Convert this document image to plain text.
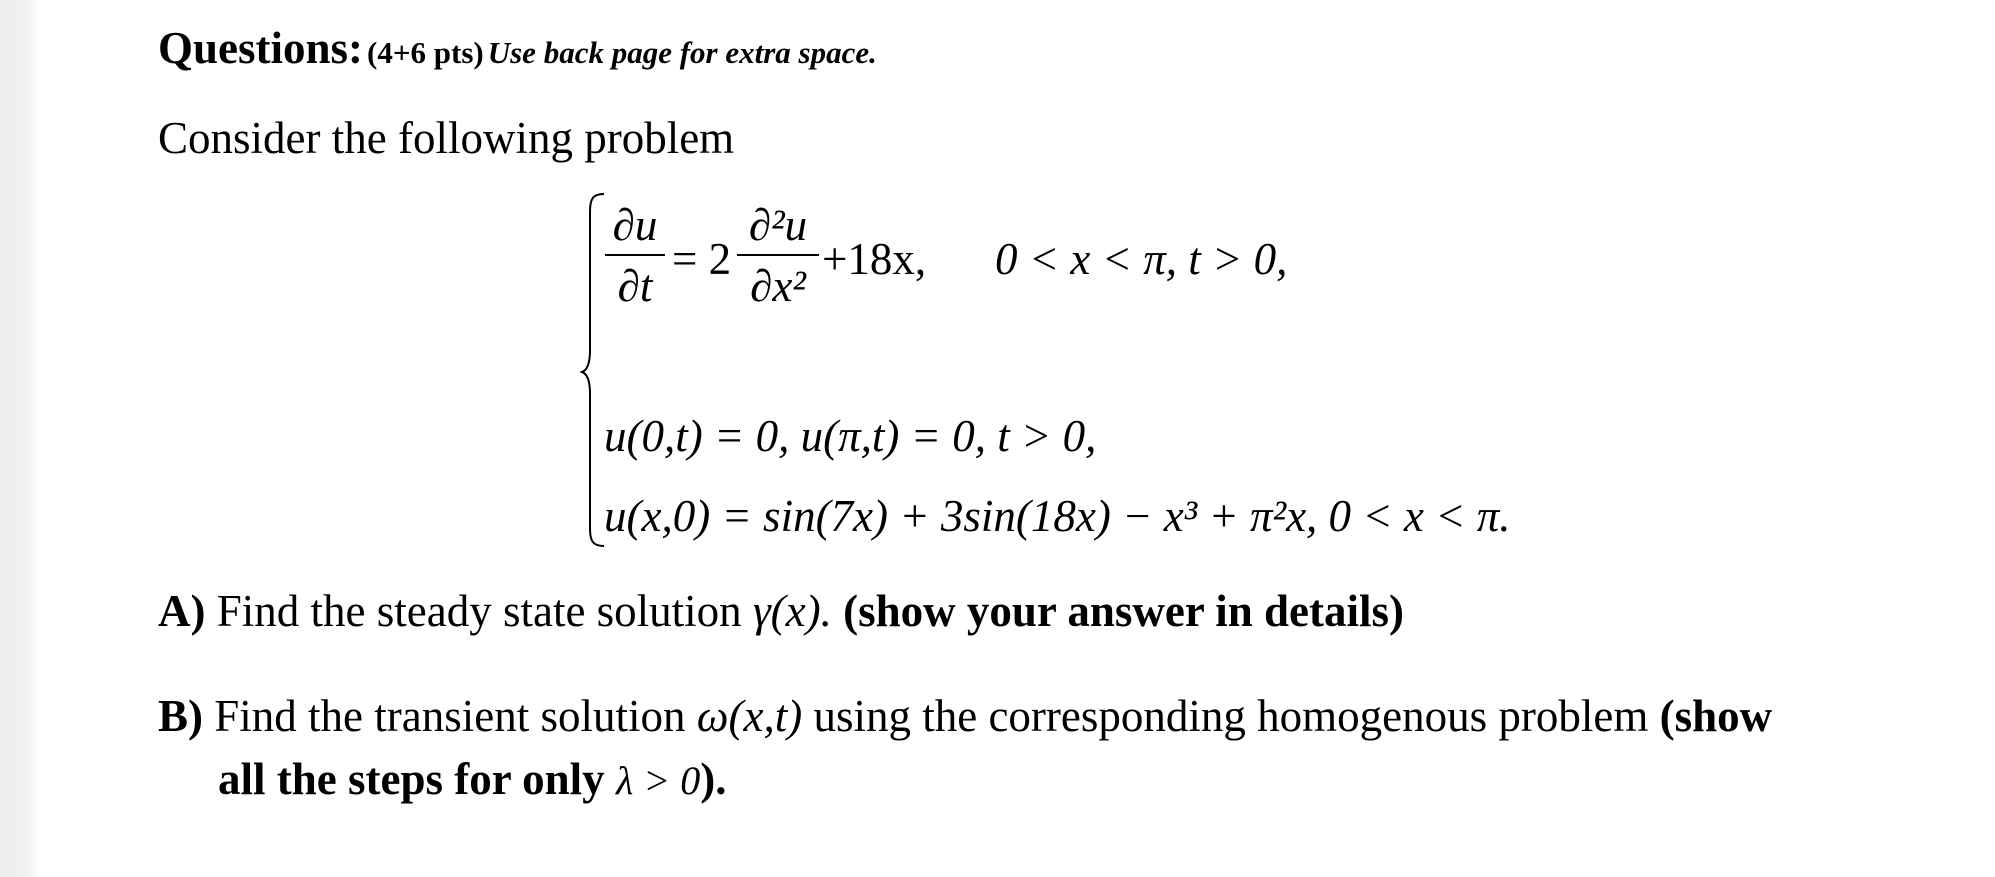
Questions: (4+6 pts) Use back page for extra space.
Consider the following problem
∂u
∂t
= 2
∂²u
∂x²
+18x, 0 < x < π, t > 0,
u(0,t) = 0, u(π,t) = 0, t > 0,
u(x,0) = sin(7x) + 3sin(18x) − x³ + π²x, 0 < x < π.
A) Find the steady state solution γ(x). (show your answer in details)
B) Find the transient solution ω(x,t) using the corresponding homogenous problem (show
all the steps for only λ > 0).
